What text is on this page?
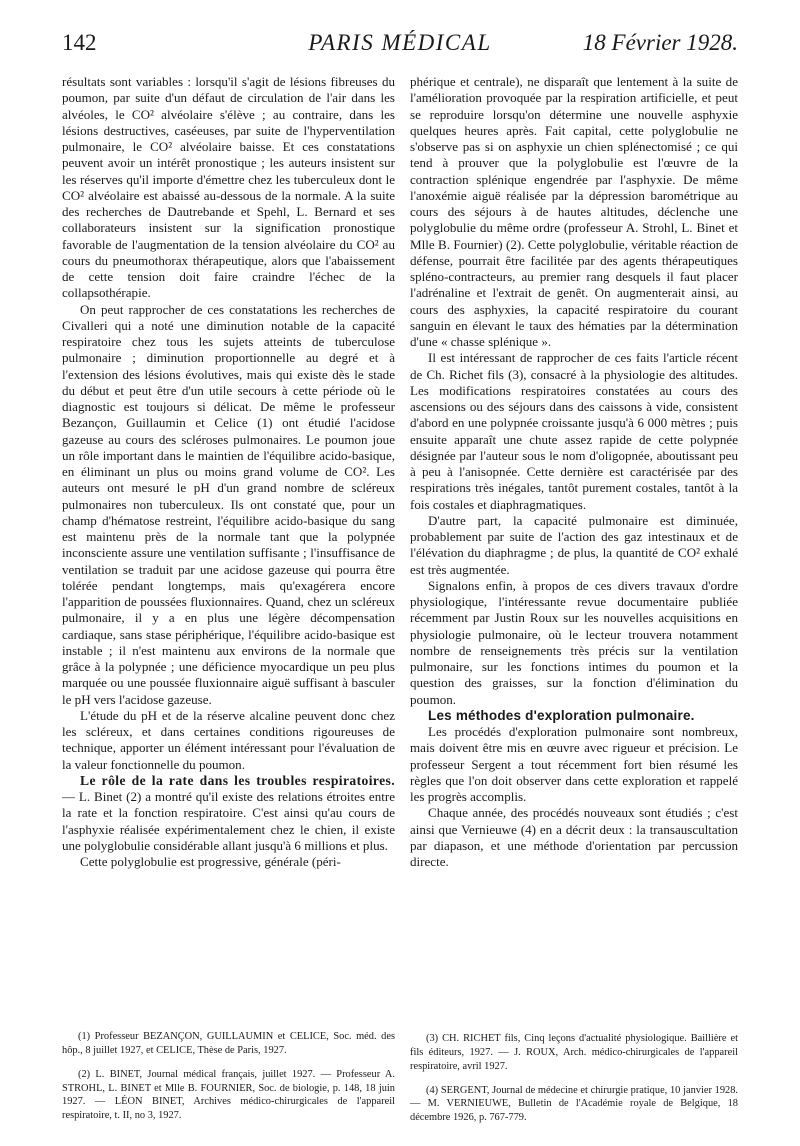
142	PARIS MÉDICAL	18 Février 1928.

résultats sont variables : lorsqu'il s'agit de lésions fibreuses du poumon, par suite d'un défaut de circulation de l'air dans les alvéoles, le CO² alvéolaire s'élève ; au contraire, dans les lésions destructives, caséeuses, par suite de l'hyperventilation pulmonaire, le CO² alvéolaire baisse. Et ces constatations peuvent avoir un intérêt pronostique ; les auteurs insistent sur les réserves qu'il importe d'émettre chez les tuberculeux dont le CO² alvéolaire est abaissé au-dessous de la normale. A la suite des recherches de Dautrebande et Spehl, L. Bernard et ses collaborateurs insistent sur la signification pronostique favorable de l'augmentation de la tension alvéolaire du CO² au cours du pneumothorax thérapeutique, alors que l'abaissement de cette tension doit faire craindre l'échec de la collapsothérapie.

On peut rapprocher de ces constatations les recherches de Civalleri qui a noté une diminution notable de la capacité respiratoire chez tous les sujets atteints de tuberculose pulmonaire ; diminution proportionnelle au degré et à l'extension des lésions évolutives, mais qui existe dès le stade du début et peut être d'un utile secours à cette période où le diagnostic est toujours si délicat. De même le professeur Bezançon, Guillaumin et Celice (1) ont étudié l'acidose gazeuse au cours des scléroses pulmonaires. Le poumon joue un rôle important dans le maintien de l'équilibre acido-basique, en éliminant un plus ou moins grand volume de CO². Les auteurs ont mesuré le pH d'un grand nombre de scléreux pulmonaires non tuberculeux. Ils ont constaté que, pour un champ d'hématose restreint, l'équilibre acido-basique du sang est maintenu près de la normale tant que la polypnée inconsciente assure une ventilation suffisante ; l'insuffisance de ventilation se traduit par une acidose gazeuse qui pourra être tolérée pendant longtemps, mais qu'exagérera encore l'apparition de poussées fluxionnaires. Quand, chez un scléreux pulmonaire, il y a en plus une légère décompensation cardiaque, sans stase périphérique, l'équilibre acido-basique est instable ; il n'est maintenu aux environs de la normale que grâce à la polypnée ; une déficience myocardique un peu plus marquée ou une poussée fluxionnaire aiguë suffisant à basculer le pH vers l'acidose gazeuse.

L'étude du pH et de la réserve alcaline peuvent donc chez les scléreux, et dans certaines conditions rigoureuses de technique, apporter un élément intéressant pour l'évaluation de la valeur fonctionnelle du poumon.

Le rôle de la rate dans les troubles respiratoires. — L. Binet (2) a montré qu'il existe des relations étroites entre la rate et la fonction respiratoire. C'est ainsi qu'au cours de l'asphyxie réalisée expérimentalement chez le chien, il existe une polyglobulie considérable allant jusqu'à 6 millions et plus.

Cette polyglobulie est progressive, générale (péri-

phérique et centrale), ne disparaît que lentement à la suite de l'amélioration provoquée par la respiration artificielle, et peut se reproduire lorsqu'on détermine une nouvelle asphyxie quelques heures après. Fait capital, cette polyglobulie ne s'observe pas si on asphyxie un chien splénectomisé ; ce qui tend à prouver que la polyglobulie est l'œuvre de la contraction splénique engendrée par l'asphyxie. De même l'anoxémie aiguë réalisée par la dépression barométrique au cours des séjours à de hautes altitudes, déclenche une polyglobulie du même ordre (professeur A. Strohl, L. Binet et Mlle B. Fournier) (2). Cette polyglobulie, véritable réaction de défense, pourrait être facilitée par des agents thérapeutiques spléno-contracteurs, au premier rang desquels il faut placer l'adrénaline et l'extrait de genêt. On augmenterait ainsi, au cours des asphyxies, la capacité respiratoire du courant sanguin en élevant le taux des hématies par la détermination d'une « chasse splénique ».

Il est intéressant de rapprocher de ces faits l'article récent de Ch. Richet fils (3), consacré à la physiologie des altitudes. Les modifications respiratoires constatées au cours des ascensions ou des séjours dans des caissons à vide, consistent d'abord en une polypnée croissante jusqu'à 6 000 mètres ; puis ensuite apparaît une chute assez rapide de cette polypnée désignée par l'auteur sous le nom d'oligopnée, aboutissant peu à peu à l'anisopnée. Cette dernière est caractérisée par des respirations très inégales, tantôt purement costales, tantôt à la fois costales et diaphragmatiques.

D'autre part, la capacité pulmonaire est diminuée, probablement par suite de l'action des gaz intestinaux et de l'élévation du diaphragme ; de plus, la quantité de CO² exhalé est très augmentée.

Signalons enfin, à propos de ces divers travaux d'ordre physiologique, l'intéressante revue documentaire publiée récemment par Justin Roux sur les nouvelles acquisitions en physiologie pulmonaire, où le lecteur trouvera notamment nombre de renseignements très précis sur la ventilation pulmonaire, sur les fonctions intimes du poumon et la question des graisses, sur la fonction d'élimination du poumon.

Les méthodes d'exploration pulmonaire.

Les procédés d'exploration pulmonaire sont nombreux, mais doivent être mis en œuvre avec rigueur et précision. Le professeur Sergent a tout récemment fort bien résumé les règles que l'on doit observer dans cette exploration et rappelé les progrès accomplis.

Chaque année, des procédés nouveaux sont étudiés ; c'est ainsi que Vernieuwe (4) en a décrit deux : la transauscultation par diapason, et une méthode d'orientation par percussion directe.

(1) Professeur BEZANÇON, GUILLAUMIN et CELICE, Soc. méd. des hôp., 8 juillet 1927, et CELICE, Thèse de Paris, 1927.

(2) L. BINET, Journal médical français, juillet 1927. — Professeur A. STROHL, L. BINET et Mlle B. FOURNIER, Soc. de biologie, p. 148, 18 juin 1927. — LÉON BINET, Archives médico-chirurgicales de l'appareil respiratoire, t. II, no 3, 1927.

(3) CH. RICHET fils, Cinq leçons d'actualité physiologique. Baillière et fils éditeurs, 1927. — J. ROUX, Arch. médico-chirurgicales de l'appareil respiratoire, avril 1927.

(4) SERGENT, Journal de médecine et chirurgie pratique, 10 janvier 1928. — M. VERNIEUWE, Bulletin de l'Académie royale de Belgique, 18 décembre 1926, p. 767-779.
